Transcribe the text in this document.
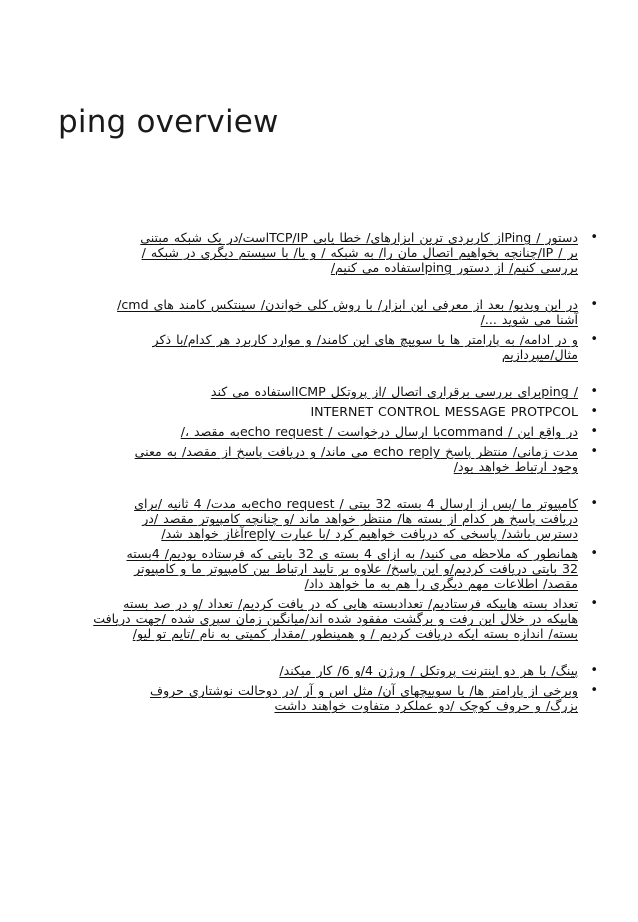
ping overview
•
دستور / Pingاز کاربردی ترین ابزارهای/ خطا یابی TCP/IPاست/در یک شبکه مبتنی
بر / IP/چنانچه بخواهیم اتصال مان را/ به شبکه / و یا/ با سیستم دیگری در شبکه /
بررسی کنیم/ از دستور pingاستفاده می کنیم/
•
در این ویدیو/ بعد از معرفی این ابزار/ با روش کلی خواندن/ سینتکس کامند های cmd/
آشنا می شوید .../
•
و در ادامه/ به پارامتر ها یا سوییچ های این کامند/ و موارد کاربرد هر کدام/با ذکر
مثال/میپردازیم
•
/ pingبرای بررسی برقراری اتصال /از پروتکل ICMPاستفاده می کند
•
INTERNET CONTROL MESSAGE PROTPCOL
•
در واقع این / commandبا ارسال درخواست / echo requestبه مقصد ،/
•
مدت زمانی/ منتظر پاسخ echo reply می ماند/ و دریافت پاسخ از مقصد/ به معنی
وجود ارتباط خواهد بود/
•
کامپیوتر ما /پس از ارسال 4 بسته 32 بیتی / echo requestبه مدت/ 4 ثانیه /برای
دریافت پاسخ هر کدام از بسته ها/ منتظر خواهد ماند /و چنانچه کامپیوتر مقصد /در
دسترس باشد/ پاسخی که دریافت خواهیم کرد /با عبارت replyآغاز خواهد شد/
•
همانطور که ملاحظه می کنید/ به ازای 4 بسته ی 32 بایتی که فرستاده بودیم/ 4بسته
32 بایتی دریافت کردیم/و این پاسخ/ علاوه بر تایید ارتباط بین کامپیوتر ما و کامپیوتر
مقصد/ اطلاعات مهم دیگری را هم به ما خواهد داد/
•
تعداد بسته هاییکه فرستادیم/ تعدادبسته هایی که در یافت کردیم/ تعداد /و در صد بسته
هاییکه در خلال این رفت و برگشت مفقود شده اند/میانگین زمان سپری شده /جهت دریافت
بسته/ اندازه بسته ایکه دریافت کردیم / و همینطور /مقدار کمیتی به نام /تایم تو لیو/
•
پینگ/ با هر دو اینترنت پروتکل / ورژن 4/و 6/ کار میکند/
•
وبرخی از پارامتر ها/ یا سوییچهای آن/ مثل اس و آر /در دوحالت نوشتاری حروف
بزرگ/ و حروف کوچک /دو عملکرد متفاوت خواهند داشت
